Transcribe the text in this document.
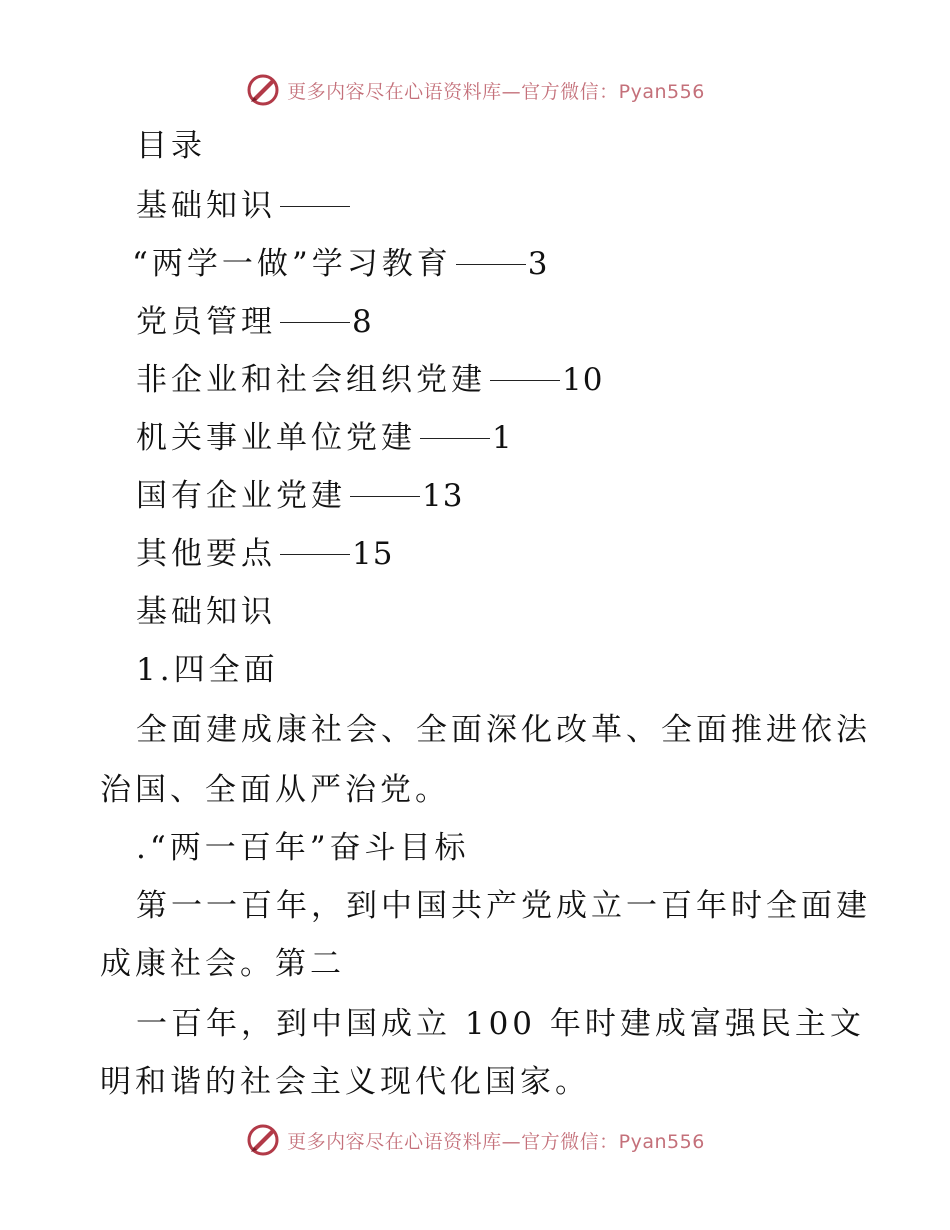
更多内容尽在心语资料库—官方微信：Pyan556
目录
基础知识
“两学一做”学习教育 3
党员管理 8
非企业和社会组织党建 10
机关事业单位党建 1
国有企业党建 13
其他要点 15
基础知识
1.四全面
全面建成康社会、全面深化改革、全面推进依法
治国、全面从严治党。
.“两一百年”奋斗目标
第一一百年，到中国共产党成立一百年时全面建
成康社会。第二
一百年，到中国成立 100 年时建成富强民主文
明和谐的社会主义现代化国家。
更多内容尽在心语资料库—官方微信：Pyan556
